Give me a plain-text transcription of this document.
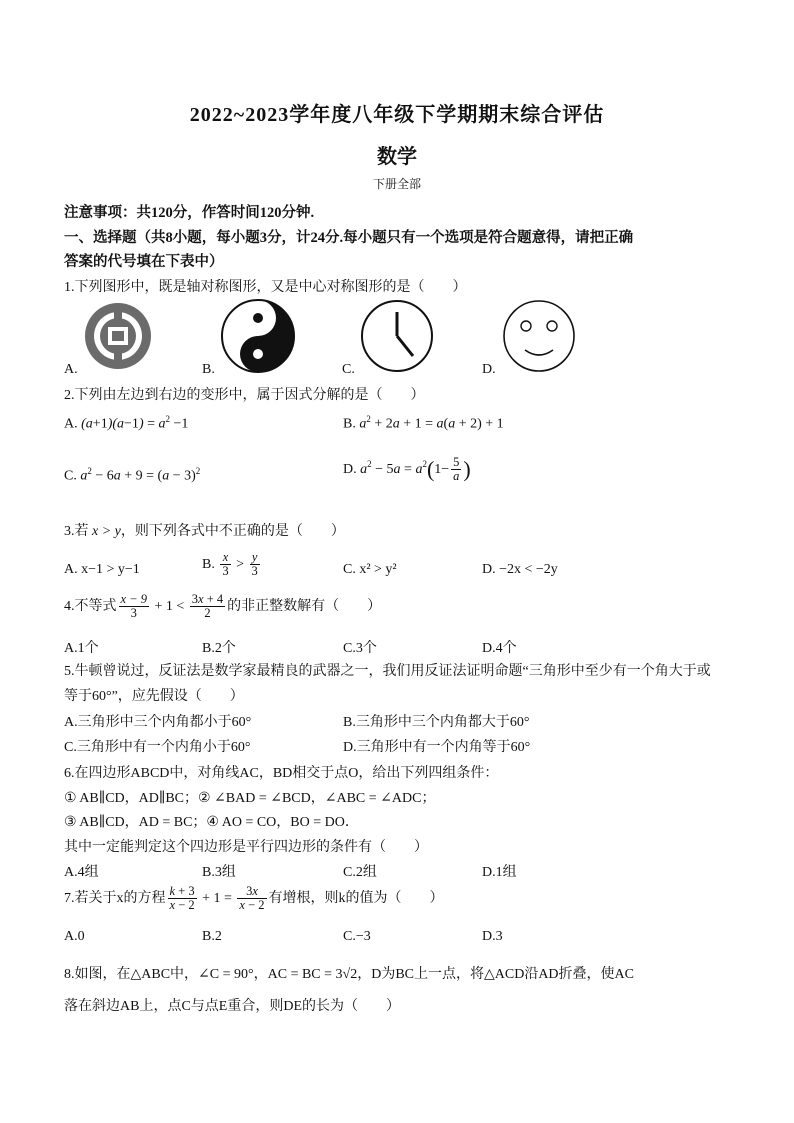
2022~2023学年度八年级下学期期末综合评估
数学
下册全部
注意事项：共120分，作答时间120分钟.
一、选择题（共8小题，每小题3分，计24分.每小题只有一个选项是符合题意得，请把正确
答案的代号填在下表中）
1.下列图形中，既是轴对称图形，又是中心对称图形的是（　　）
A.	B.	C.	D.
2.下列由左边到右边的变形中，属于因式分解的是（　　）
A. $(a+1)(a-1) = a^2 -1$	B. $a^2 + 2a + 1 = a(a + 2) + 1$
C. $a^2 - 6a + 9 = (a - 3)^2$	D. $a^2 - 5a = a^2(1- \frac{5}{a}$ )
3.若 x > y，则下列各式中不正确的是（　　）
A. x−1 > y−1	B. $\frac{x}{3} > \frac{y}{3}$	C. x² > y²	D. −2x < −2y
4.不等式 $\frac{x - 9}{3} + 1 < \frac{3x + 4}{2}$ 的非正整数解有（　　）
A.1个	B.2个	C.3个	D.4个
5.牛顿曾说过，反证法是数学家最精良的武器之一，我们用反证法证明命题“三角形中至少有一个角大于或
等于60°”，应先假设（　　）
A.三角形中三个内角都小于60°	B.三角形中三个内角都大于60°
C.三角形中有一个内角小于60°	D.三角形中有一个内角等于60°
6.在四边形ABCD中，对角线AC，BD相交于点O，给出下列四组条件：
① AB∥CD，AD∥BC；② ∠BAD = ∠BCD，∠ABC = ∠ADC；
③ AB∥CD，AD = BC；④ AO = CO，BO = DO．
其中一定能判定这个四边形是平行四边形的条件有（　　）
A.4组	B.3组	C.2组	D.1组
7.若关于x的方程 $\frac{k + 3}{x - 2} + 1 = \frac{3x}{x - 2}$ 有增根，则k的值为（　　）
A.0	B.2	C.−3	D.3
8.如图，在△ABC中，∠C = 90°，AC = BC = 3√2，D为BC上一点，将△ACD沿AD折叠，使AC
落在斜边AB上，点C与点E重合，则DE的长为（　　）
